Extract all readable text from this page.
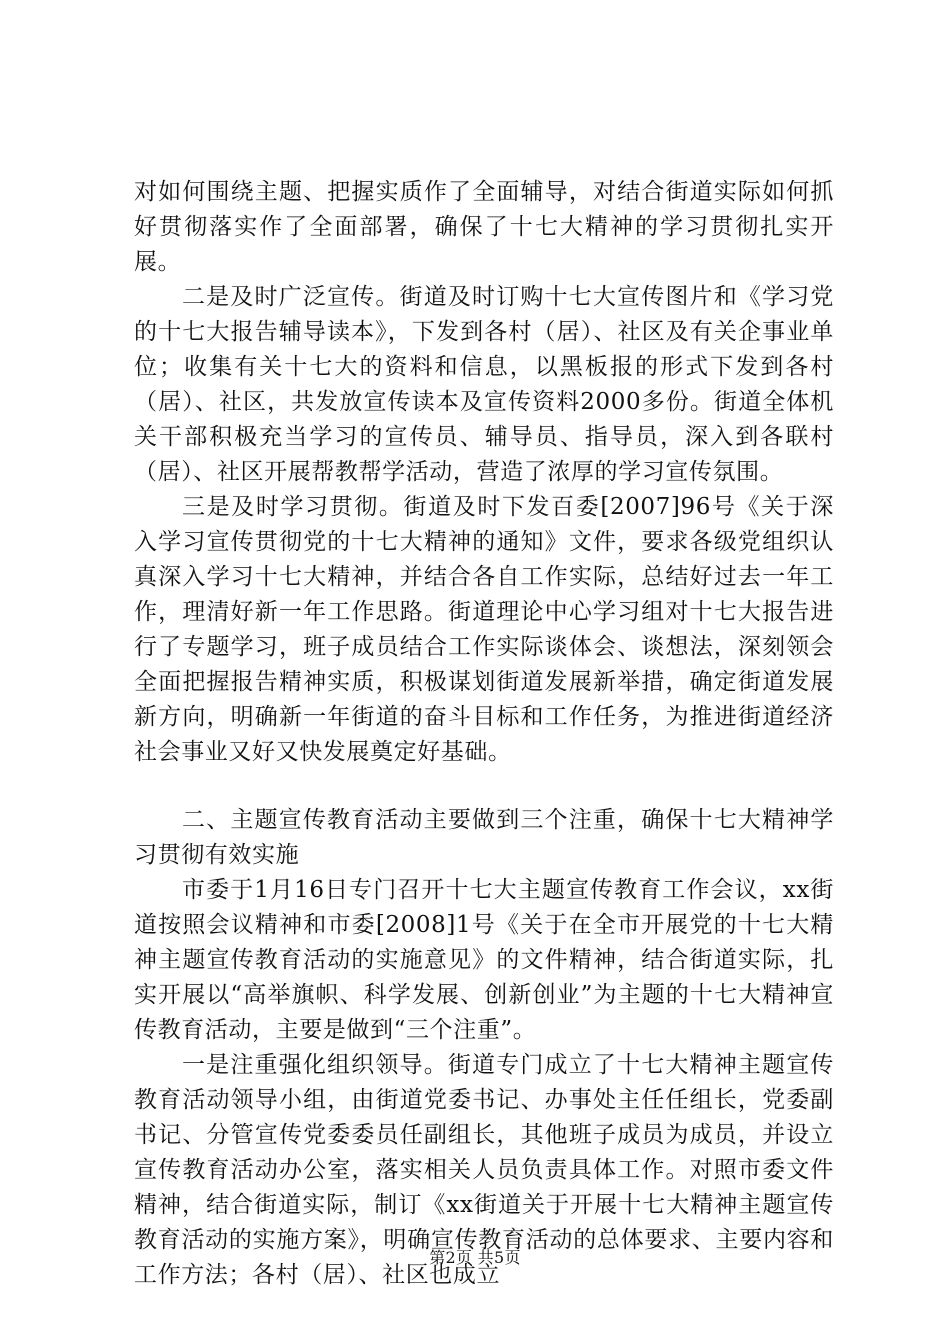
对如何围绕主题、把握实质作了全面辅导，对结合街道实际如何抓好贯彻落实作了全面部署，确保了十七大精神的学习贯彻扎实开展。

二是及时广泛宣传。街道及时订购十七大宣传图片和《学习党的十七大报告辅导读本》，下发到各村（居）、社区及有关企事业单位；收集有关十七大的资料和信息，以黑板报的形式下发到各村（居）、社区，共发放宣传读本及宣传资料2000多份。街道全体机关干部积极充当学习的宣传员、辅导员、指导员，深入到各联村（居）、社区开展帮教帮学活动，营造了浓厚的学习宣传氛围。

三是及时学习贯彻。街道及时下发百委[2007]96号《关于深入学习宣传贯彻党的十七大精神的通知》文件，要求各级党组织认真深入学习十七大精神，并结合各自工作实际，总结好过去一年工作，理清好新一年工作思路。街道理论中心学习组对十七大报告进行了专题学习，班子成员结合工作实际谈体会、谈想法，深刻领会全面把握报告精神实质，积极谋划街道发展新举措，确定街道发展新方向，明确新一年街道的奋斗目标和工作任务，为推进街道经济社会事业又好又快发展奠定好基础。

二、主题宣传教育活动主要做到三个注重，确保十七大精神学习贯彻有效实施

市委于1月16日专门召开十七大主题宣传教育工作会议，xx街道按照会议精神和市委[2008]1号《关于在全市开展党的十七大精神主题宣传教育活动的实施意见》的文件精神，结合街道实际，扎实开展以“高举旗帜、科学发展、创新创业”为主题的十七大精神宣传教育活动，主要是做到“三个注重”。

一是注重强化组织领导。街道专门成立了十七大精神主题宣传教育活动领导小组，由街道党委书记、办事处主任任组长，党委副书记、分管宣传党委委员任副组长，其他班子成员为成员，并设立宣传教育活动办公室，落实相关人员负责具体工作。对照市委文件精神，结合街道实际，制订《xx街道关于开展十七大精神主题宣传教育活动的实施方案》，明确宣传教育活动的总体要求、主要内容和工作方法；各村（居）、社区也成立

第2页 共5页
